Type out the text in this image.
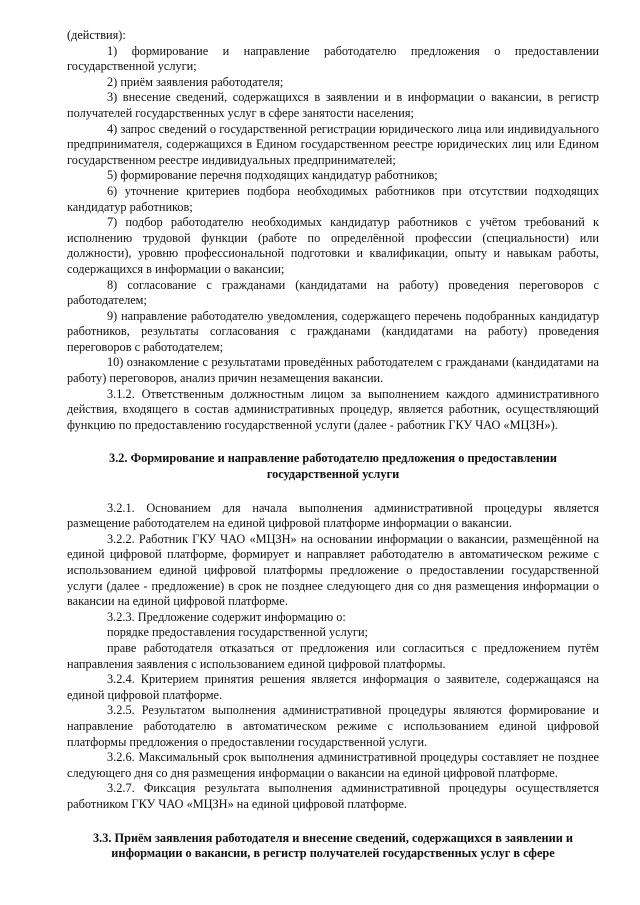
(действия):

1) формирование и направление работодателю предложения о предоставлении государственной услуги;

2) приём заявления работодателя;

3) внесение сведений, содержащихся в заявлении и в информации о вакансии, в регистр получателей государственных услуг в сфере занятости населения;

4) запрос сведений о государственной регистрации юридического лица или индивидуального предпринимателя, содержащихся в Едином государственном реестре юридических лиц или Едином государственном реестре индивидуальных предпринимателей;

5) формирование перечня подходящих кандидатур работников;

6) уточнение критериев подбора необходимых работников при отсутствии подходящих кандидатур работников;

7) подбор работодателю необходимых кандидатур работников с учётом требований к исполнению трудовой функции (работе по определённой профессии (специальности) или должности), уровню профессиональной подготовки и квалификации, опыту и навыкам работы, содержащихся в информации о вакансии;

8) согласование с гражданами (кандидатами на работу) проведения переговоров с работодателем;

9) направление работодателю уведомления, содержащего перечень подобранных кандидатур работников, результаты согласования с гражданами (кандидатами на работу) проведения переговоров с работодателем;

10) ознакомление с результатами проведённых работодателем с гражданами (кандидатами на работу) переговоров, анализ причин незамещения вакансии.

3.1.2. Ответственным должностным лицом за выполнением каждого административного действия, входящего в состав административных процедур, является работник, осуществляющий функцию по предоставлению государственной услуги (далее - работник ГКУ ЧАО «МЦЗН»).

3.2. Формирование и направление работодателю предложения о предоставлении государственной услуги

3.2.1. Основанием для начала выполнения административной процедуры является размещение работодателем на единой цифровой платформе информации о вакансии.

3.2.2. Работник ГКУ ЧАО «МЦЗН» на основании информации о вакансии, размещённой на единой цифровой платформе, формирует и направляет работодателю в автоматическом режиме с использованием единой цифровой платформы предложение о предоставлении государственной услуги (далее - предложение) в срок не позднее следующего дня со дня размещения информации о вакансии на единой цифровой платформе.

3.2.3. Предложение содержит информацию о:

порядке предоставления государственной услуги;

праве работодателя отказаться от предложения или согласиться с предложением путём направления заявления с использованием единой цифровой платформы.

3.2.4. Критерием принятия решения является информация о заявителе, содержащаяся на единой цифровой платформе.

3.2.5. Результатом выполнения административной процедуры являются формирование и направление работодателю в автоматическом режиме с использованием единой цифровой платформы предложения о предоставлении государственной услуги.

3.2.6. Максимальный срок выполнения административной процедуры составляет не позднее следующего дня со дня размещения информации о вакансии на единой цифровой платформе.

3.2.7. Фиксация результата выполнения административной процедуры осуществляется работником ГКУ ЧАО «МЦЗН» на единой цифровой платформе.

3.3. Приём заявления работодателя и внесение сведений, содержащихся в заявлении и информации о вакансии, в регистр получателей государственных услуг в сфере
